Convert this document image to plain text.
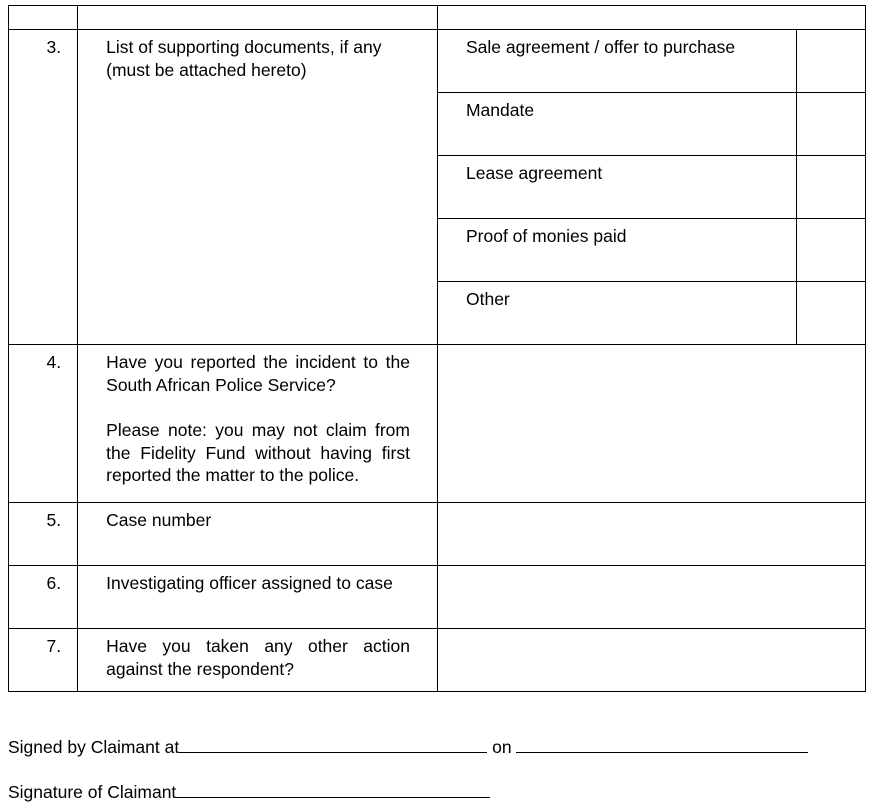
3.	List of supporting documents, if any (must be attached hereto)	Sale agreement / offer to purchase	
		Mandate	
		Lease agreement	
		Proof of monies paid	
		Other	
4.	Have you reported the incident to the South African Police Service?
Please note: you may not claim from the Fidelity Fund without having first reported the matter to the police.		

5.	Case number		
6.	Investigating officer assigned to case		
7.	Have you taken any other action against the respondent?		
Signed by Claimant at	on
Signature of Claimant
